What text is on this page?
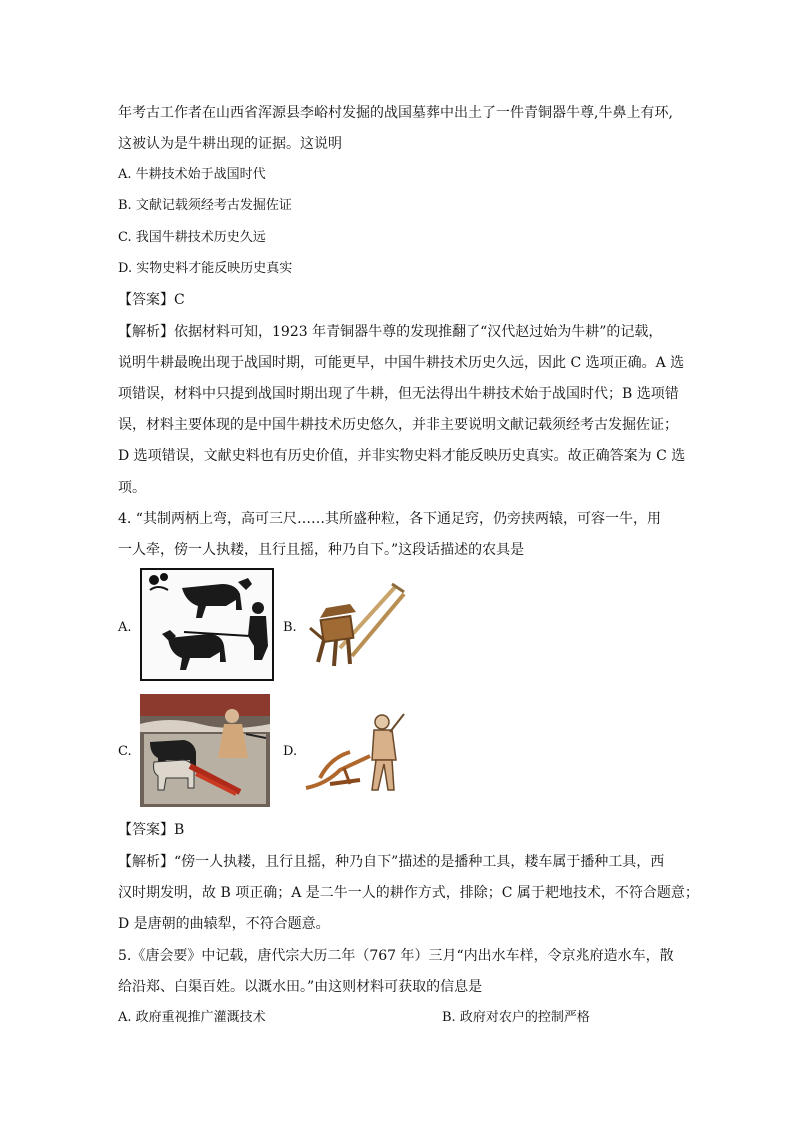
年考古工作者在山西省浑源县李峪村发掘的战国墓葬中出土了一件青铜器牛尊,牛鼻上有环,
这被认为是牛耕出现的证据。这说明
A. 牛耕技术始于战国时代
B. 文献记载须经考古发掘佐证
C. 我国牛耕技术历史久远
D. 实物史料才能反映历史真实
【答案】C
【解析】依据材料可知，1923 年青铜器牛尊的发现推翻了“汉代赵过始为牛耕”的记载，
说明牛耕最晚出现于战国时期，可能更早，中国牛耕技术历史久远，因此 C 选项正确。A 选
项错误，材料中只提到战国时期出现了牛耕，但无法得出牛耕技术始于战国时代；B 选项错
误，材料主要体现的是中国牛耕技术历史悠久，并非主要说明文献记载须经考古发掘佐证；
D 选项错误，文献史料也有历史价值，并非实物史料才能反映历史真实。故正确答案为 C 选
项。
4. “其制两柄上弯，高可三尺……其所盛种粒，各下通足窍，仍旁挟两辕，可容一牛，用
一人牵，傍一人执耧，且行且摇，种乃自下。”这段话描述的农具是
A.	B.
C.	D.
【答案】B
【解析】“傍一人执耧，且行且摇，种乃自下”描述的是播种工具，耧车属于播种工具，西
汉时期发明，故 B 项正确；A 是二牛一人的耕作方式，排除；C 属于耙地技术，不符合题意；
D 是唐朝的曲辕犁，不符合题意。
5.《唐会要》中记载，唐代宗大历二年（767 年）三月“内出水车样，令京兆府造水车，散
给沿郑、白渠百姓。以溉水田。”由这则材料可获取的信息是
A. 政府重视推广灌溉技术	B. 政府对农户的控制严格
